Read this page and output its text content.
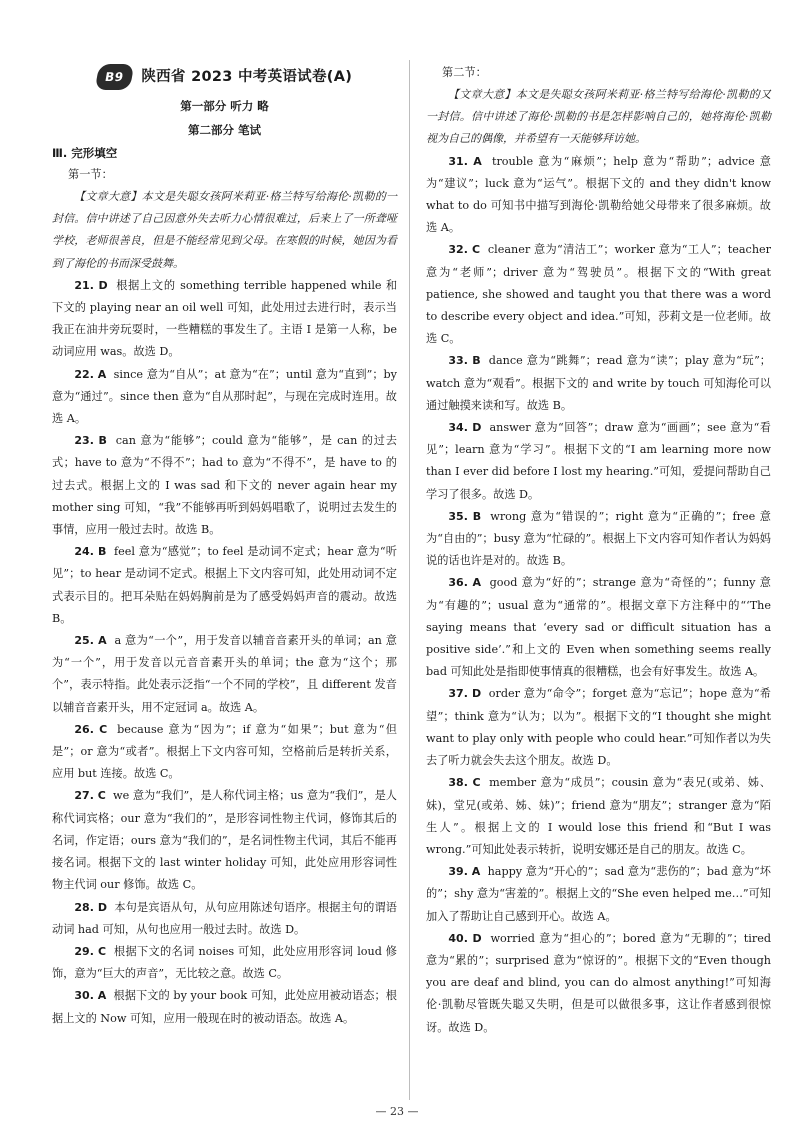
B9	陕西省 2023 中考英语试卷(A)
第一部分 听力 略
第二部分 笔试
Ⅲ. 完形填空
第一节：

【文章大意】本文是失聪女孩阿米莉亚·格兰特写给海伦·凯勒的一封信。信中讲述了自己因意外失去听力心情很难过，后来上了一所聋哑学校，老师很善良，但是不能经常见到父母。在寒假的时候，她因为看到了海伦的书而深受鼓舞。

21. D 根据上文的 something terrible happened while 和下文的 playing near an oil well 可知，此处用过去进行时，表示当我正在油井旁玩耍时，一些糟糕的事发生了。主语 I 是第一人称，be 动词应用 was。故选 D。

22. A since 意为“自从”；at 意为“在”；until 意为“直到”；by 意为“通过”。since then 意为“自从那时起”，与现在完成时连用。故选 A。

23. B can 意为“能够”；could 意为“能够”，是 can 的过去式；have to 意为“不得不”；had to 意为“不得不”，是 have to 的过去式。根据上文的 I was sad 和下文的 never again hear my mother sing 可知，“我”不能够再听到妈妈唱歌了，说明过去发生的事情，应用一般过去时。故选 B。

24. B feel 意为“感觉”；to feel 是动词不定式；hear 意为“听见”；to hear 是动词不定式。根据上下文内容可知，此处用动词不定式表示目的。把耳朵贴在妈妈胸前是为了感受妈妈声音的震动。故选 B。

25. A a 意为“一个”，用于发音以辅音音素开头的单词；an 意为“一个”，用于发音以元音音素开头的单词；the 意为“这个；那个”，表示特指。此处表示泛指“一个不同的学校”，且 different 发音以辅音音素开头，用不定冠词 a。故选 A。

26. C because 意为“因为”；if 意为“如果”；but 意为“但是”；or 意为“或者”。根据上下文内容可知，空格前后是转折关系，应用 but 连接。故选 C。

27. C we 意为“我们”，是人称代词主格；us 意为“我们”，是人称代词宾格；our 意为“我们的”，是形容词性物主代词，修饰其后的名词，作定语；ours 意为“我们的”，是名词性物主代词，其后不能再接名词。根据下文的 last winter holiday 可知，此处应用形容词性物主代词 our 修饰。故选 C。

28. D 本句是宾语从句，从句应用陈述句语序。根据主句的谓语动词 had 可知，从句也应用一般过去时。故选 D。

29. C 根据下文的名词 noises 可知，此处应用形容词 loud 修饰，意为“巨大的声音”，无比较之意。故选 C。

30. A 根据下文的 by your book 可知，此处应用被动语态；根据上文的 Now 可知，应用一般现在时的被动语态。故选 A。

第二节：

【文章大意】本文是失聪女孩阿米莉亚·格兰特写给海伦·凯勒的又一封信。信中讲述了海伦·凯勒的书是怎样影响自己的，她将海伦·凯勒视为自己的偶像，并希望有一天能够拜访她。

31. A trouble 意为“麻烦”；help 意为“帮助”；advice 意为“建议”；luck 意为“运气”。根据下文的 and they didn't know what to do 可知书中描写到海伦·凯勒给她父母带来了很多麻烦。故选 A。

32. C cleaner 意为“清洁工”；worker 意为“工人”；teacher 意为“老师”；driver 意为“驾驶员”。根据下文的“With great patience, she showed and taught you that there was a word to describe every object and idea.”可知，莎莉文是一位老师。故选 C。

33. B dance 意为“跳舞”；read 意为“读”；play 意为“玩”；watch 意为“观看”。根据下文的 and write by touch 可知海伦可以通过触摸来读和写。故选 B。

34. D answer 意为“回答”；draw 意为“画画”；see 意为“看见”；learn 意为“学习”。根据下文的“I am learning more now than I ever did before I lost my hearing.”可知，爱提问帮助自己学习了很多。故选 D。

35. B wrong 意为“错误的”；right 意为“正确的”；free 意为“自由的”；busy 意为“忙碌的”。根据上下文内容可知作者认为妈妈说的话也许是对的。故选 B。

36. A good 意为“好的”；strange 意为“奇怪的”；funny 意为“有趣的”；usual 意为“通常的”。根据文章下方注释中的“‘The saying means that ‘every sad or difficult situation has a positive side’.”和上文的 Even when something seems really bad 可知此处是指即使事情真的很糟糕，也会有好事发生。故选 A。

37. D order 意为“命令”；forget 意为“忘记”；hope 意为“希望”；think 意为“认为；以为”。根据下文的“I thought she might want to play only with people who could hear.”可知作者以为失去了听力就会失去这个朋友。故选 D。

38. C member 意为“成员”；cousin 意为“表兄(或弟、姊、妹)，堂兄(或弟、姊、妹)”；friend 意为“朋友”；stranger 意为“陌生人”。根据上文的 I would lose this friend 和“But I was wrong.”可知此处表示转折，说明安娜还是自己的朋友。故选 C。

39. A happy 意为“开心的”；sad 意为“悲伤的”；bad 意为“坏的”；shy 意为“害羞的”。根据上文的“She even helped me…”可知加入了帮助让自己感到开心。故选 A。

40. D worried 意为“担心的”；bored 意为“无聊的”；tired 意为“累的”；surprised 意为“惊讶的”。根据下文的“Even though you are deaf and blind, you can do almost anything!”可知海伦·凯勒尽管既失聪又失明，但是可以做很多事，这让作者感到很惊讶。故选 D。

— 23 —
